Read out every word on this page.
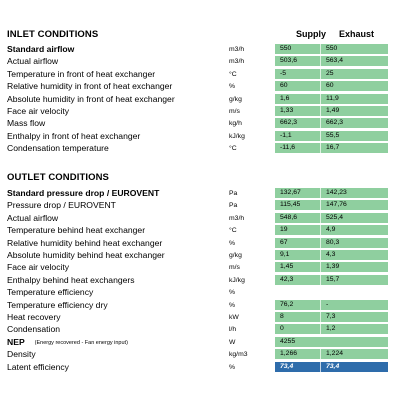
INLET CONDITIONS	Supply Exhaust
Standard airflow	m3/h	550	550
Actual airflow	m3/h	503,6	563,4
Temperature in front of heat exchanger	°C	-5	25
Relative humidity in front of heat exchanger	%	60	60
Absolute humidity in front of heat exchanger	g/kg	1,6	11,9
Face air velocity	m/s	1,33	1,49
Mass flow	kg/h	662,3	662,3
Enthalpy in front of heat exchanger	kJ/kg	-1,1	55,5
Condensation temperature	°C	-11,6	16,7
OUTLET CONDITIONS
Standard pressure drop / EUROVENT	Pa	132,67	142,23
Pressure drop / EUROVENT	Pa	115,45	147,76
Actual airflow	m3/h	548,6	525,4
Temperature behind heat exchanger	°C	19	4,9
Relative humidity behind heat exchanger	%	67	80,3
Absolute humidity behind heat exchanger	g/kg	9,1	4,3
Face air velocity	m/s	1,45	1,39
Enthalpy behind heat exchangers	kJ/kg	42,3	15,7
Temperature efficiency	%
Temperature efficiency dry	%	76,2	-
Heat recovery	kW	8	7,3
Condensation	l/h	0	1,2
NEP (Energy recovered - Fan energy input)	W	4255
Density	kg/m3	1,266	1,224
Latent efficiency	%	73,4	73,4
